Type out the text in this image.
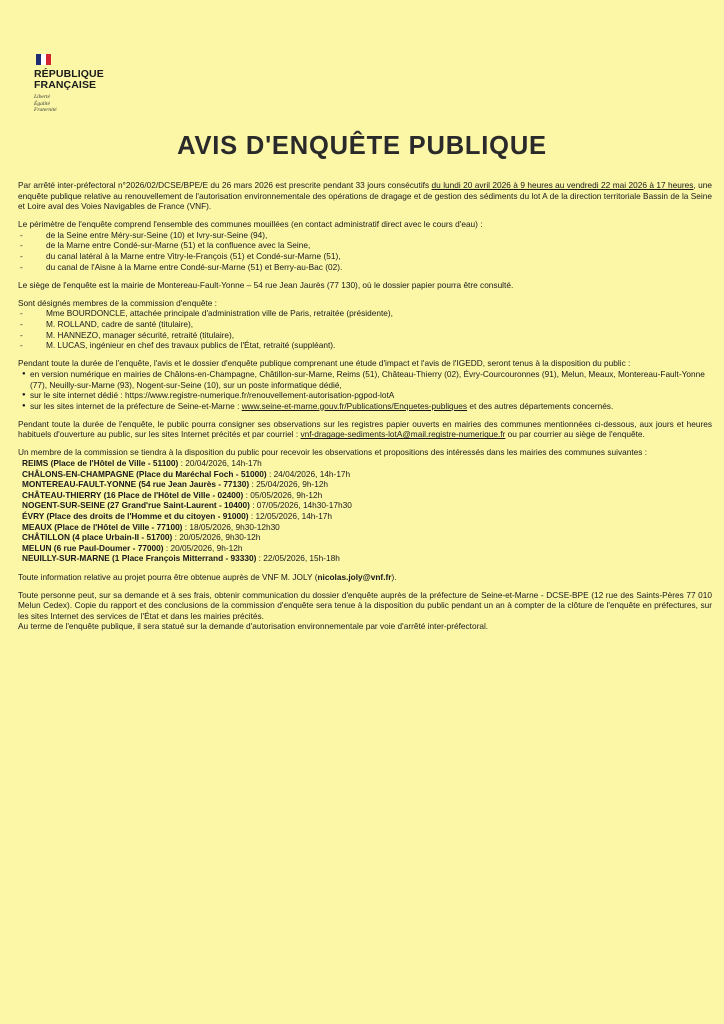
RÉPUBLIQUE
FRANÇAISE
Liberté
Égalité
Fraternité
AVIS D'ENQUÊTE PUBLIQUE

Par arrêté inter-préfectoral n°2026/02/DCSE/BPE/E du 26 mars 2026 est prescrite pendant 33 jours consécutifs du lundi 20 avril 2026 à 9 heures au vendredi 22 mai 2026 à 17 heures, une enquête publique relative au renouvellement de l'autorisation environnementale des opérations de dragage et de gestion des sédiments du lot A de la direction territoriale Bassin de la Seine et Loire aval des Voies Navigables de France (VNF).

Le périmètre de l'enquête comprend l'ensemble des communes mouillées (en contact administratif direct avec le cours d'eau) :

- de la Seine entre Méry-sur-Seine (10) et Ivry-sur-Seine (94),

- de la Marne entre Condé-sur-Marne (51) et la confluence avec la Seine,

- du canal latéral à la Marne entre Vitry-le-François (51) et Condé-sur-Marne (51),

- du canal de l'Aisne à la Marne entre Condé-sur-Marne (51) et Berry-au-Bac (02).

Le siège de l'enquête est la mairie de Montereau-Fault-Yonne – 54 rue Jean Jaurès (77 130), où le dossier papier pourra être consulté.

Sont désignés membres de la commission d'enquête :

- Mme BOURDONCLE, attachée principale d'administration ville de Paris, retraitée (présidente),

- M. ROLLAND, cadre de santé (titulaire),

- M. HANNEZO, manager sécurité, retraité (titulaire),

- M. LUCAS, ingénieur en chef des travaux publics de l'État, retraité (suppléant).

Pendant toute la durée de l'enquête, l'avis et le dossier d'enquête publique comprenant une étude d'impact et l'avis de l'IGEDD, seront tenus à la disposition du public :

● en version numérique en mairies de Châlons-en-Champagne, Châtillon-sur-Marne, Reims (51), Château-Thierry (02), Évry-Courcouronnes (91), Melun, Meaux, Montereau-Fault-Yonne (77), Neuilly-sur-Marne (93), Nogent-sur-Seine (10), sur un poste informatique dédié,

● sur le site internet dédié : https://www.registre-numerique.fr/renouvellement-autorisation-pgpod-lotA

● sur les sites internet de la préfecture de Seine-et-Marne : www.seine-et-marne.gouv.fr/Publications/Enquetes-publiques et des autres départements concernés.

Pendant toute la durée de l'enquête, le public pourra consigner ses observations sur les registres papier ouverts en mairies des communes mentionnées ci-dessous, aux jours et heures habituels d'ouverture au public, sur les sites Internet précités et par courriel : vnf-dragage-sediments-lotA@mail.registre-numerique.fr ou par courrier au siège de l'enquête.

Un membre de la commission se tiendra à la disposition du public pour recevoir les observations et propositions des intéressés dans les mairies des communes suivantes :

REIMS (Place de l'Hôtel de Ville - 51100) : 20/04/2026, 14h-17h

CHÂLONS-EN-CHAMPAGNE (Place du Maréchal Foch - 51000) : 24/04/2026, 14h-17h

MONTEREAU-FAULT-YONNE (54 rue Jean Jaurès - 77130) : 25/04/2026, 9h-12h

CHÂTEAU-THIERRY (16 Place de l'Hôtel de Ville - 02400) : 05/05/2026, 9h-12h

NOGENT-SUR-SEINE (27 Grand'rue Saint-Laurent - 10400) : 07/05/2026, 14h30-17h30

ÉVRY (Place des droits de l'Homme et du citoyen - 91000) : 12/05/2026, 14h-17h

MEAUX (Place de l'Hôtel de Ville - 77100) : 18/05/2026, 9h30-12h30

CHÂTILLON (4 place Urbain-II - 51700) : 20/05/2026, 9h30-12h

MELUN (6 rue Paul-Doumer - 77000) : 20/05/2026, 9h-12h

NEUILLY-SUR-MARNE (1 Place François Mitterrand - 93330) : 22/05/2026, 15h-18h

Toute information relative au projet pourra être obtenue auprès de VNF M. JOLY (nicolas.joly@vnf.fr).

Toute personne peut, sur sa demande et à ses frais, obtenir communication du dossier d'enquête auprès de la préfecture de Seine-et-Marne - DCSE-BPE (12 rue des Saints-Pères 77 010 Melun Cedex). Copie du rapport et des conclusions de la commission d'enquête sera tenue à la disposition du public pendant un an à compter de la clôture de l'enquête en préfectures, sur les sites Internet des services de l'État et dans les mairies précités.

Au terme de l'enquête publique, il sera statué sur la demande d'autorisation environnementale par voie d'arrêté inter-préfectoral.
